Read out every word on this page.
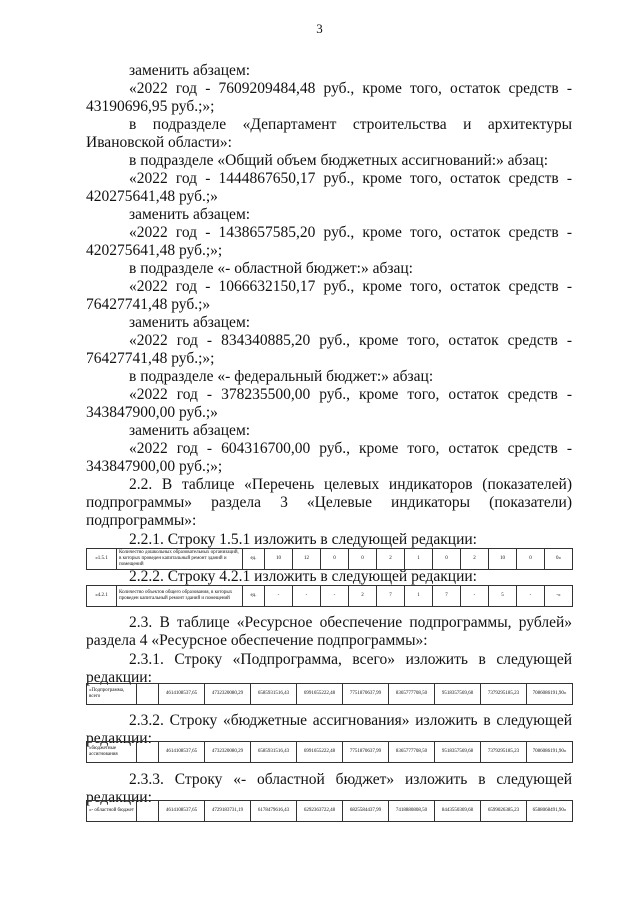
3
заменить абзацем:
«2022 год - 7609209484,48 руб., кроме того, остаток средств -
43190696,95 руб.;»;
в подразделе «Департамент строительства и архитектуры
Ивановской области»:
в подразделе «Общий объем бюджетных ассигнований:» абзац:
«2022 год - 1444867650,17 руб., кроме того, остаток средств -
420275641,48 руб.;»
заменить абзацем:
«2022 год - 1438657585,20 руб., кроме того, остаток средств -
420275641,48 руб.;»;
в подразделе «- областной бюджет:» абзац:
«2022 год - 1066632150,17 руб., кроме того, остаток средств -
76427741,48 руб.;»
заменить абзацем:
«2022 год - 834340885,20 руб., кроме того, остаток средств -
76427741,48 руб.;»;
в подразделе «- федеральный бюджет:» абзац:
«2022 год - 378235500,00 руб., кроме того, остаток средств -
343847900,00 руб.;»
заменить абзацем:
«2022 год - 604316700,00 руб., кроме того, остаток средств -
343847900,00 руб.;»;
2.2. В таблице «Перечень целевых индикаторов (показателей)
подпрограммы» раздела 3 «Целевые индикаторы (показатели)
подпрограммы»:
2.2.1. Строку 1.5.1 изложить в следующей редакции:
«1.5.1	Количество дошкольных образовательных организаций, в которых проведен капитальный ремонт зданий и помещений	ед.	10	12	0	0	2	1	0	2	10	0	0»
2.2.2. Строку 4.2.1 изложить в следующей редакции:
«4.2.1	Количество объектов общего образования, в которых проведен капитальный ремонт зданий и помещений	ед.	-	-	-	2	7	1	7	-	5	-	-»
2.3. В таблице «Ресурсное обеспечение подпрограммы, рублей»
раздела 4 «Ресурсное обеспечение подпрограммы»:
2.3.1. Строку «Подпрограмма, всего» изложить в следующей
редакции:
«Подпрограмма, всего		4614108537,65	4732320080,29	6585931516,43	6991655222,48	7751870637,99	8365777708,50	9518357569,68	7379295185,23	7086086191,90»
2.3.2. Строку «бюджетные ассигнования» изложить в следующей
редакции:
«бюджетные ассигнования		4614108537,65	4732320080,29	6585931516,43	6991655222,48	7751870637,99	8365777708,50	9518357569,68	7379295185,23	7086086191,90»
2.3.3. Строку «- областной бюджет» изложить в следующей
редакции:
«- областной бюджет		4614108537,65	4729183731,19	6178479616,43	6292363722,48	6825584437,99	7418880808,50	8443550369,68	6599026385,23	6588068491,90»
